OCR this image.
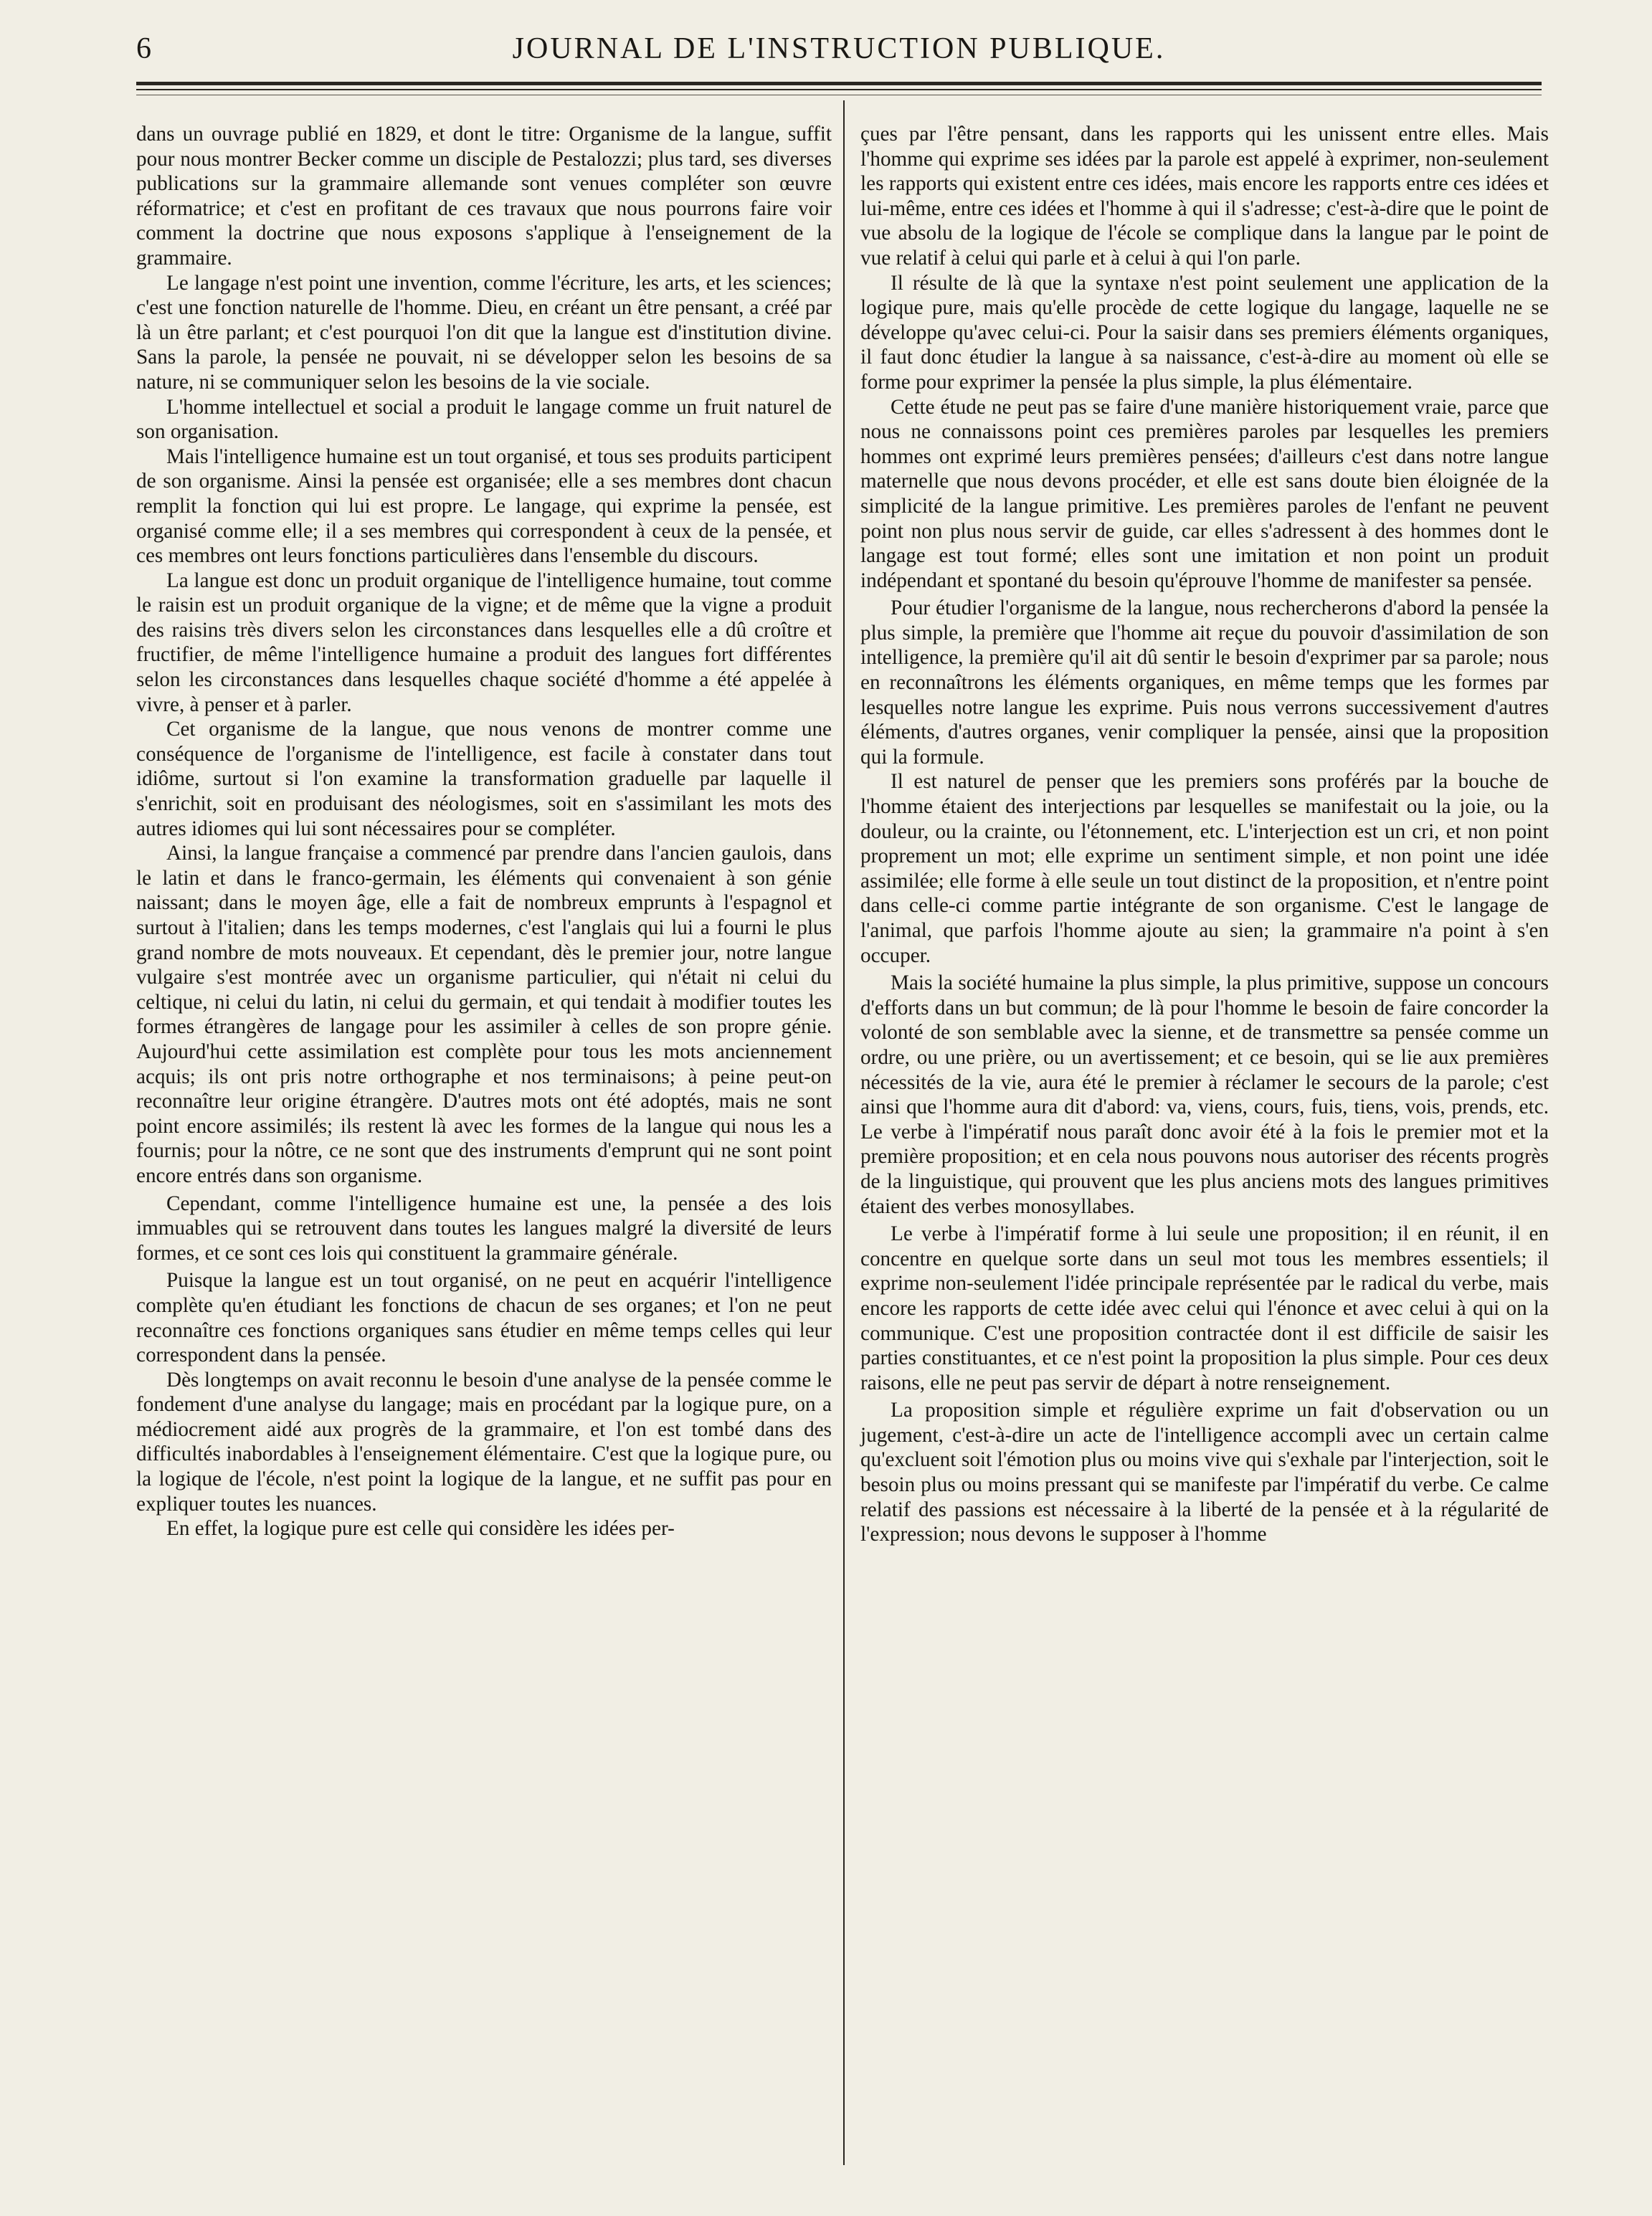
6	JOURNAL DE L'INSTRUCTION PUBLIQUE.

dans un ouvrage publié en 1829, et dont le titre: Organisme de la langue, suffit pour nous montrer Becker comme un disciple de Pestalozzi; plus tard, ses diverses publications sur la grammaire allemande sont venues compléter son œuvre réformatrice; et c'est en profitant de ces travaux que nous pourrons faire voir comment la doctrine que nous exposons s'applique à l'enseignement de la grammaire.

Le langage n'est point une invention, comme l'écriture, les arts, et les sciences; c'est une fonction naturelle de l'homme. Dieu, en créant un être pensant, a créé par là un être parlant; et c'est pourquoi l'on dit que la langue est d'institution divine. Sans la parole, la pensée ne pouvait, ni se développer selon les besoins de sa nature, ni se communiquer selon les besoins de la vie sociale.

L'homme intellectuel et social a produit le langage comme un fruit naturel de son organisation.

Mais l'intelligence humaine est un tout organisé, et tous ses produits participent de son organisme. Ainsi la pensée est organisée; elle a ses membres dont chacun remplit la fonction qui lui est propre. Le langage, qui exprime la pensée, est organisé comme elle; il a ses membres qui correspondent à ceux de la pensée, et ces membres ont leurs fonctions particulières dans l'ensemble du discours.

La langue est donc un produit organique de l'intelligence humaine, tout comme le raisin est un produit organique de la vigne; et de même que la vigne a produit des raisins très divers selon les circonstances dans lesquelles elle a dû croître et fructifier, de même l'intelligence humaine a produit des langues fort différentes selon les circonstances dans lesquelles chaque société d'homme a été appelée à vivre, à penser et à parler.

Cet organisme de la langue, que nous venons de montrer comme une conséquence de l'organisme de l'intelligence, est facile à constater dans tout idiôme, surtout si l'on examine la transformation graduelle par laquelle il s'enrichit, soit en produisant des néologismes, soit en s'assimilant les mots des autres idiomes qui lui sont nécessaires pour se compléter.

Ainsi, la langue française a commencé par prendre dans l'ancien gaulois, dans le latin et dans le franco-germain, les éléments qui convenaient à son génie naissant; dans le moyen âge, elle a fait de nombreux emprunts à l'espagnol et surtout à l'italien; dans les temps modernes, c'est l'anglais qui lui a fourni le plus grand nombre de mots nouveaux. Et cependant, dès le premier jour, notre langue vulgaire s'est montrée avec un organisme particulier, qui n'était ni celui du celtique, ni celui du latin, ni celui du germain, et qui tendait à modifier toutes les formes étrangères de langage pour les assimiler à celles de son propre génie. Aujourd'hui cette assimilation est complète pour tous les mots anciennement acquis; ils ont pris notre orthographe et nos terminaisons; à peine peut-on reconnaître leur origine étrangère. D'autres mots ont été adoptés, mais ne sont point encore assimilés; ils restent là avec les formes de la langue qui nous les a fournis; pour la nôtre, ce ne sont que des instruments d'emprunt qui ne sont point encore entrés dans son organisme.

Cependant, comme l'intelligence humaine est une, la pensée a des lois immuables qui se retrouvent dans toutes les langues malgré la diversité de leurs formes, et ce sont ces lois qui constituent la grammaire générale.

Puisque la langue est un tout organisé, on ne peut en acquérir l'intelligence complète qu'en étudiant les fonctions de chacun de ses organes; et l'on ne peut reconnaître ces fonctions organiques sans étudier en même temps celles qui leur correspondent dans la pensée.

Dès longtemps on avait reconnu le besoin d'une analyse de la pensée comme le fondement d'une analyse du langage; mais en procédant par la logique pure, on a médiocrement aidé aux progrès de la grammaire, et l'on est tombé dans des difficultés inabordables à l'enseignement élémentaire. C'est que la logique pure, ou la logique de l'école, n'est point la logique de la langue, et ne suffit pas pour en expliquer toutes les nuances.

En effet, la logique pure est celle qui considère les idées per-

çues par l'être pensant, dans les rapports qui les unissent entre elles. Mais l'homme qui exprime ses idées par la parole est appelé à exprimer, non-seulement les rapports qui existent entre ces idées, mais encore les rapports entre ces idées et lui-même, entre ces idées et l'homme à qui il s'adresse; c'est-à-dire que le point de vue absolu de la logique de l'école se complique dans la langue par le point de vue relatif à celui qui parle et à celui à qui l'on parle.

Il résulte de là que la syntaxe n'est point seulement une application de la logique pure, mais qu'elle procède de cette logique du langage, laquelle ne se développe qu'avec celui-ci. Pour la saisir dans ses premiers éléments organiques, il faut donc étudier la langue à sa naissance, c'est-à-dire au moment où elle se forme pour exprimer la pensée la plus simple, la plus élémentaire.

Cette étude ne peut pas se faire d'une manière historiquement vraie, parce que nous ne connaissons point ces premières paroles par lesquelles les premiers hommes ont exprimé leurs premières pensées; d'ailleurs c'est dans notre langue maternelle que nous devons procéder, et elle est sans doute bien éloignée de la simplicité de la langue primitive. Les premières paroles de l'enfant ne peuvent point non plus nous servir de guide, car elles s'adressent à des hommes dont le langage est tout formé; elles sont une imitation et non point un produit indépendant et spontané du besoin qu'éprouve l'homme de manifester sa pensée.

Pour étudier l'organisme de la langue, nous rechercherons d'abord la pensée la plus simple, la première que l'homme ait reçue du pouvoir d'assimilation de son intelligence, la première qu'il ait dû sentir le besoin d'exprimer par sa parole; nous en reconnaîtrons les éléments organiques, en même temps que les formes par lesquelles notre langue les exprime. Puis nous verrons successivement d'autres éléments, d'autres organes, venir compliquer la pensée, ainsi que la proposition qui la formule.

Il est naturel de penser que les premiers sons proférés par la bouche de l'homme étaient des interjections par lesquelles se manifestait ou la joie, ou la douleur, ou la crainte, ou l'étonnement, etc. L'interjection est un cri, et non point proprement un mot; elle exprime un sentiment simple, et non point une idée assimilée; elle forme à elle seule un tout distinct de la proposition, et n'entre point dans celle-ci comme partie intégrante de son organisme. C'est le langage de l'animal, que parfois l'homme ajoute au sien; la grammaire n'a point à s'en occuper.

Mais la société humaine la plus simple, la plus primitive, suppose un concours d'efforts dans un but commun; de là pour l'homme le besoin de faire concorder la volonté de son semblable avec la sienne, et de transmettre sa pensée comme un ordre, ou une prière, ou un avertissement; et ce besoin, qui se lie aux premières nécessités de la vie, aura été le premier à réclamer le secours de la parole; c'est ainsi que l'homme aura dit d'abord: va, viens, cours, fuis, tiens, vois, prends, etc. Le verbe à l'impératif nous paraît donc avoir été à la fois le premier mot et la première proposition; et en cela nous pouvons nous autoriser des récents progrès de la linguistique, qui prouvent que les plus anciens mots des langues primitives étaient des verbes monosyllabes.

Le verbe à l'impératif forme à lui seule une proposition; il en réunit, il en concentre en quelque sorte dans un seul mot tous les membres essentiels; il exprime non-seulement l'idée principale représentée par le radical du verbe, mais encore les rapports de cette idée avec celui qui l'énonce et avec celui à qui on la communique. C'est une proposition contractée dont il est difficile de saisir les parties constituantes, et ce n'est point la proposition la plus simple. Pour ces deux raisons, elle ne peut pas servir de départ à notre renseignement.

La proposition simple et régulière exprime un fait d'observation ou un jugement, c'est-à-dire un acte de l'intelligence accompli avec un certain calme qu'excluent soit l'émotion plus ou moins vive qui s'exhale par l'interjection, soit le besoin plus ou moins pressant qui se manifeste par l'impératif du verbe. Ce calme relatif des passions est nécessaire à la liberté de la pensée et à la régularité de l'expression; nous devons le supposer à l'homme
